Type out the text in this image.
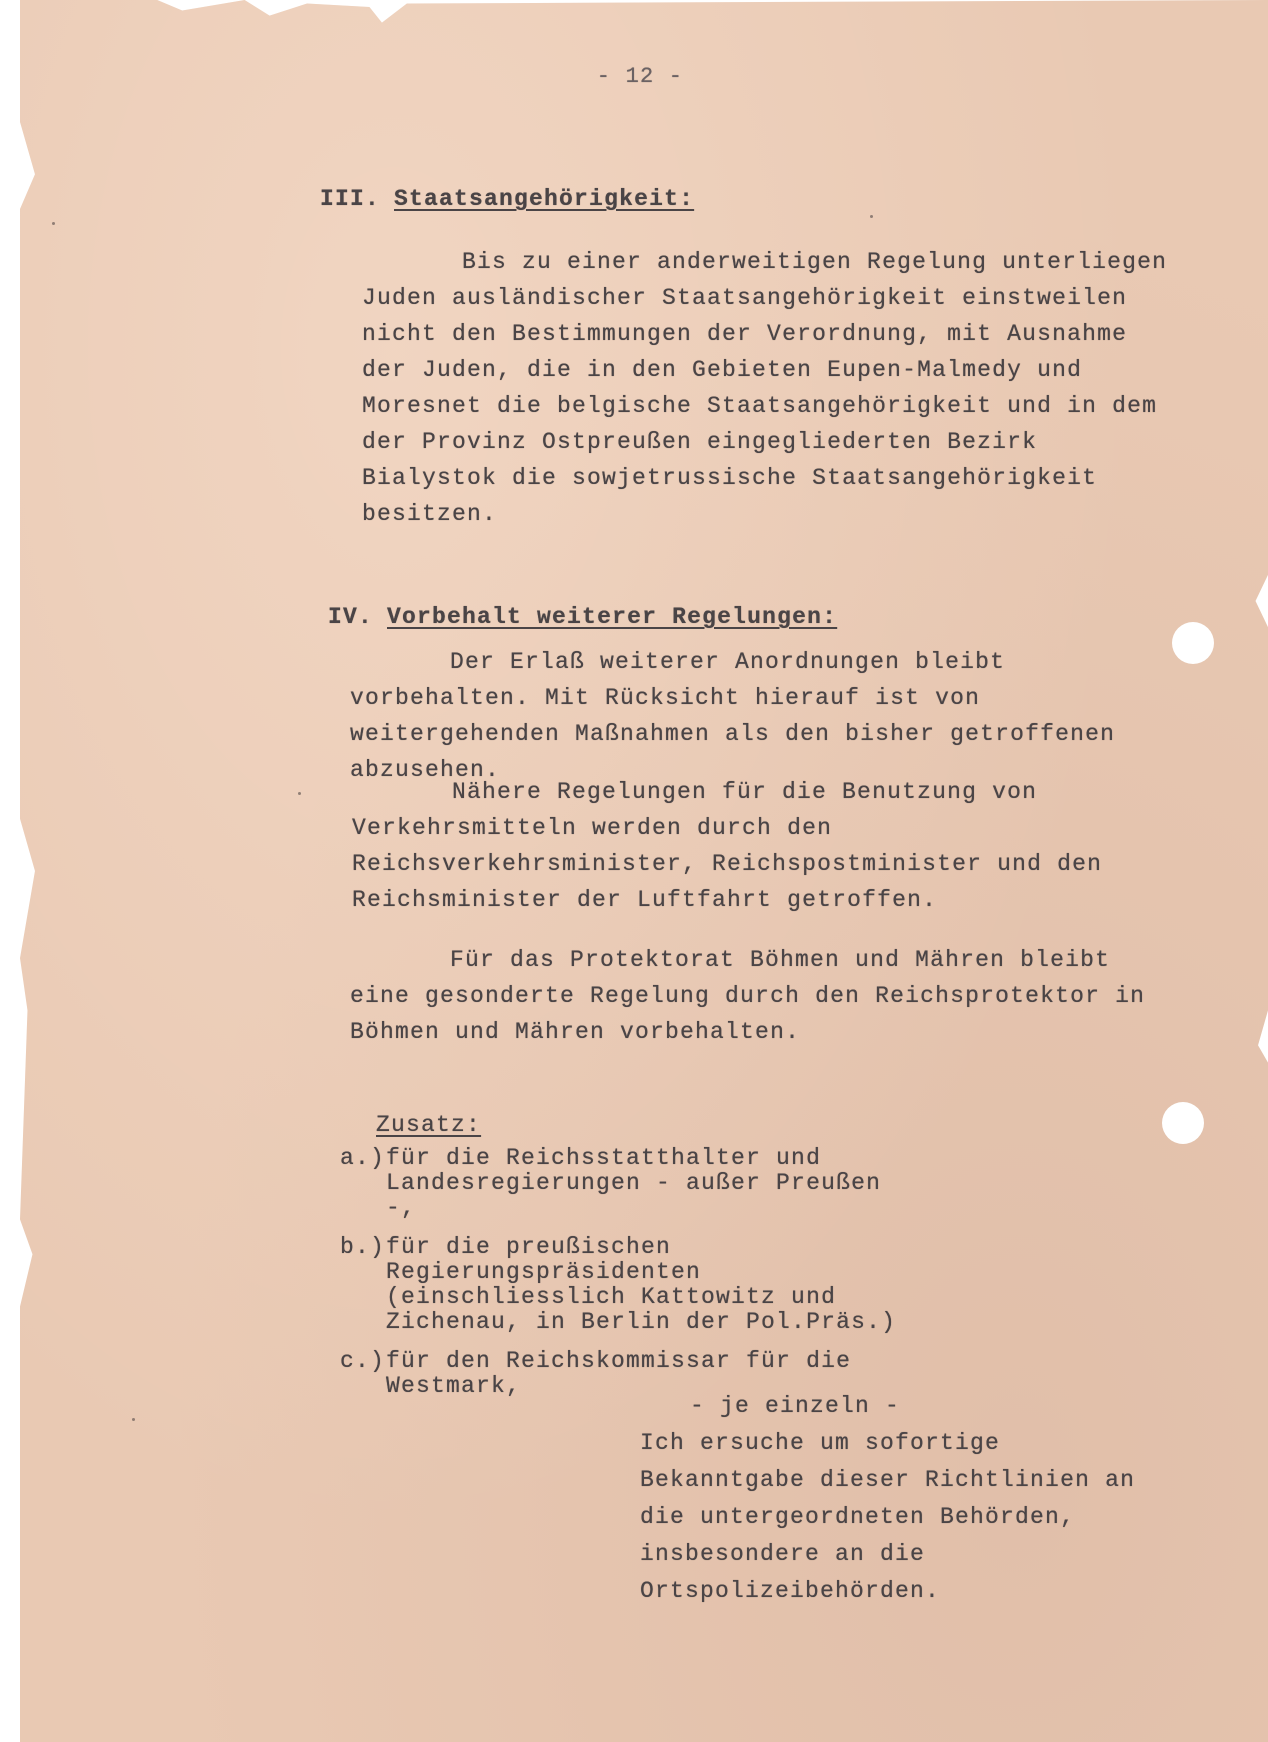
- 12 -

III. Staatsangehörigkeit:

Bis zu einer anderweitigen Regelung unterliegen Juden ausländischer Staatsangehörigkeit einstweilen nicht den Bestimmungen der Verordnung, mit Ausnahme der Juden, die in den Gebieten Eupen-Malmedy und Moresnet die belgische Staatsangehörigkeit und in dem der Provinz Ostpreußen eingegliederten Bezirk Bialystok die sowjetrussische Staatsangehörigkeit besitzen.

IV. Vorbehalt weiterer Regelungen:

Der Erlaß weiterer Anordnungen bleibt vorbehalten. Mit Rücksicht hierauf ist von weitergehenden Maßnahmen als den bisher getroffenen abzusehen.
Nähere Regelungen für die Benutzung von Verkehrsmitteln werden durch den Reichsverkehrsminister, Reichspostminister und den Reichsminister der Luftfahrt getroffen.
Für das Protektorat Böhmen und Mähren bleibt eine gesonderte Regelung durch den Reichsprotektor in Böhmen und Mähren vorbehalten.

Zusatz:

a.) für die Reichsstatthalter und Landesregierungen - außer Preußen -,
b.) für die preußischen Regierungspräsidenten (einschliesslich Kattowitz und Zichenau, in Berlin der Pol.Präs.)
c.) für den Reichskommissar für die Westmark,
- je einzeln -
Ich ersuche um sofortige Bekanntgabe dieser Richtlinien an die untergeordneten Behörden, insbesondere an die Ortspolizeibehörden.
